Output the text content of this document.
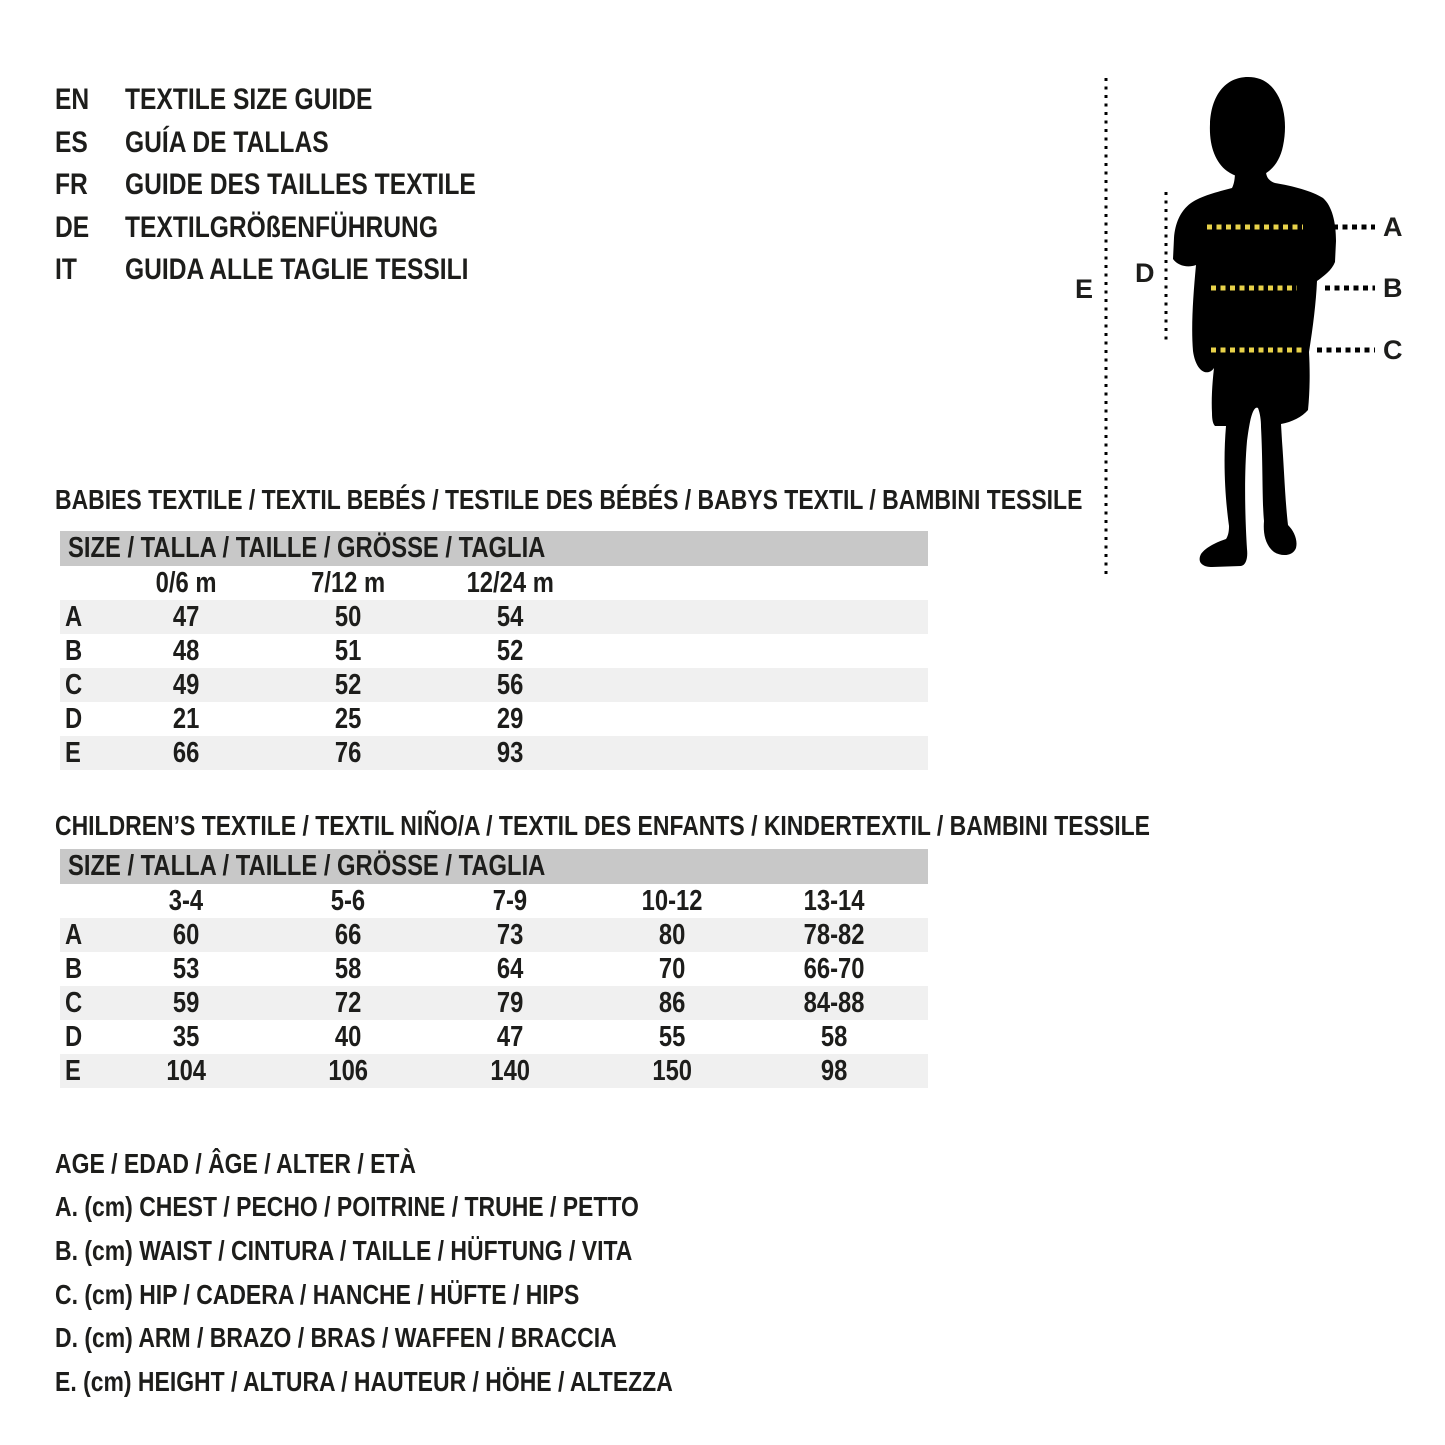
EN	TEXTILE SIZE GUIDE
ES	GUÍA DE TALLAS
FR	GUIDE DES TAILLES TEXTILE
DE	TEXTILGRÖßENFÜHRUNG
IT	GUIDA ALLE TAGLIE TESSILI
E
D
A
B
C
BABIES TEXTILE / TEXTIL BEBÉS / TESTILE DES BÉBÉS / BABYS TEXTIL / BAMBINI TESSILE
SIZE / TALLA / TAILLE / GRÖSSE / TAGLIA
0/6 m	7/12 m	12/24 m
A	47	50	54
B	48	51	52
C	49	52	56
D	21	25	29
E	66	76	93
CHILDREN’S TEXTILE / TEXTIL NIÑO/A / TEXTIL DES ENFANTS / KINDERTEXTIL / BAMBINI TESSILE
SIZE / TALLA / TAILLE / GRÖSSE / TAGLIA
3-4	5-6	7-9	10-12	13-14
A	60	66	73	80	78-82
B	53	58	64	70	66-70
C	59	72	79	86	84-88
D	35	40	47	55	58
E	104	106	140	150	98
AGE / EDAD / ÂGE / ALTER / ETÀ
A. (cm) CHEST / PECHO / POITRINE / TRUHE / PETTO
B. (cm) WAIST / CINTURA / TAILLE / HÜFTUNG / VITA
C. (cm) HIP / CADERA / HANCHE / HÜFTE / HIPS
D. (cm) ARM / BRAZO / BRAS / WAFFEN / BRACCIA
E. (cm) HEIGHT / ALTURA / HAUTEUR / HÖHE / ALTEZZA
